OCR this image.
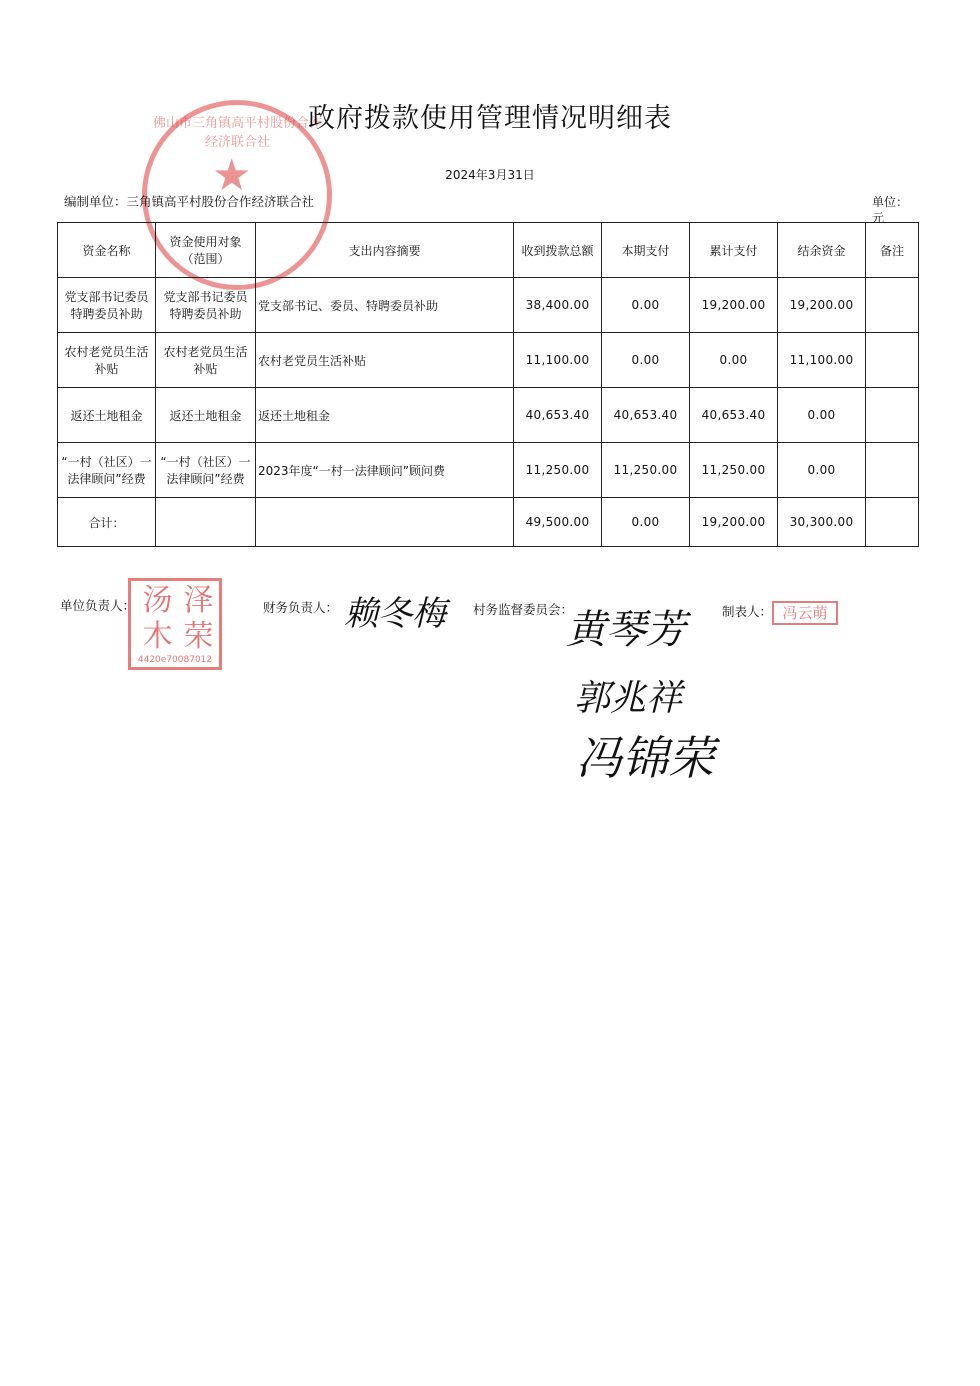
佛山市三角镇高平村股份合作经济联合社
★
政府拨款使用管理情况明细表
2024年3月31日
编制单位：三角镇高平村股份合作经济联合社	单位：元
资金名称	资金使用对象（范围）	支出内容摘要	收到拨款总额	本期支付	累计支付	结余资金	备注
党支部书记委员特聘委员补助	党支部书记委员特聘委员补助	党支部书记、委员、特聘委员补助	38,400.00	0.00	19,200.00	19,200.00	
农村老党员生活补贴	农村老党员生活补贴	农村老党员生活补贴	11,100.00	0.00	0.00	11,100.00	
返还土地租金	返还土地租金	返还土地租金	40,653.40	40,653.40	40,653.40	0.00	
“一村（社区）一法律顾问”经费	“一村（社区）一法律顾问”经费	2023年度“一村一法律顾问”顾问费	11,250.00	11,250.00	11,250.00	0.00	
合计：			49,500.00	0.00	19,200.00	30,300.00	
单位负责人： 汤 泽
木 荣
4420e70087012
财务负责人： 赖冬梅 村务监督委员会：
黄琴芳
郭兆祥
冯锦荣
制表人： 冯云萌
